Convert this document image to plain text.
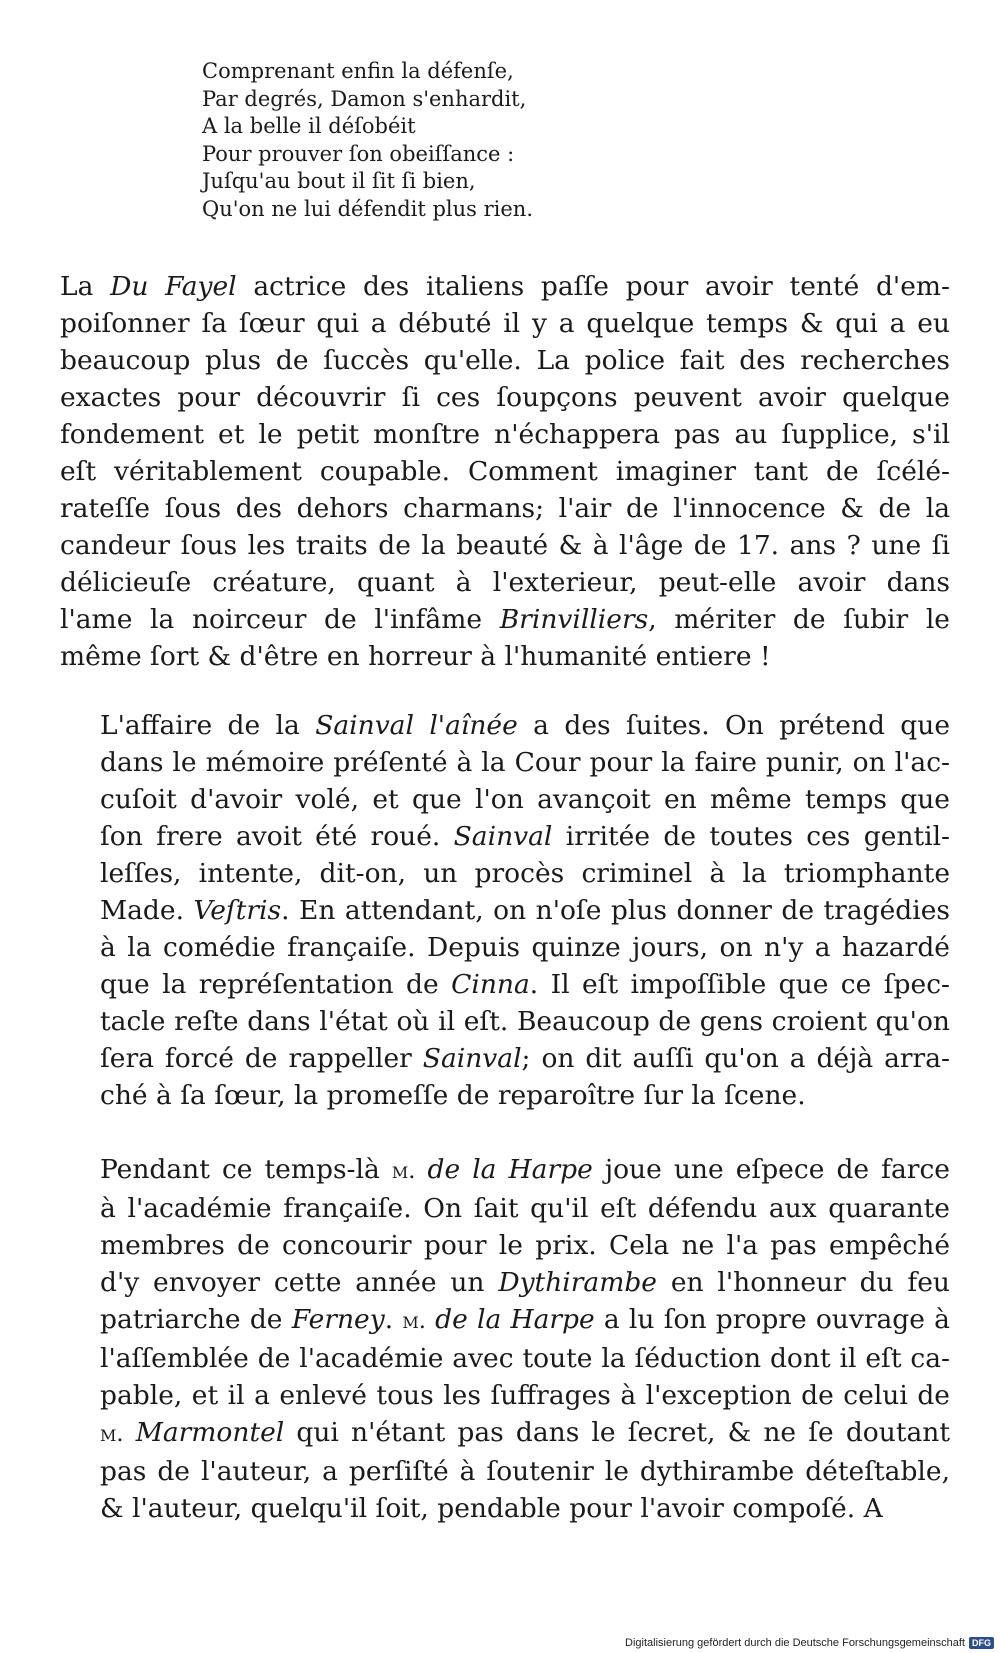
Comprenant enfin la défenſe,
Par degrés, Damon s'enhardit,
A la belle il déſobéit
Pour prouver ſon obeiſſance :
Juſqu'au bout il ſit ſi bien,
Qu'on ne lui défendit plus rien.
La Du Fayel actrice des italiens paſſe pour avoir tenté d'em-
poiſonner ſa ſœur qui a débuté il y a quelque temps & qui a eu
beaucoup plus de ſuccès qu'elle. La police fait des recherches
exactes pour découvrir ſi ces ſoupçons peuvent avoir quelque
fondement et le petit monſtre n'échappera pas au ſupplice, s'il
eſt véritablement coupable. Comment imaginer tant de ſcélé-
rateſſe ſous des dehors charmans; l'air de l'innocence & de la
candeur ſous les traits de la beauté & à l'âge de 17. ans ? une ſi
délicieuſe créature, quant à l'exterieur, peut-elle avoir dans
l'ame la noirceur de l'infâme Brinvilliers, mériter de ſubir le
même ſort & d'être en horreur à l'humanité entiere !
L'affaire de la Sainval l'aînée a des ſuites. On prétend que
dans le mémoire préſenté à la Cour pour la faire punir, on l'ac-
cuſoit d'avoir volé, et que l'on avançoit en même temps que
ſon frere avoit été roué. Sainval irritée de toutes ces gentil-
leſſes, intente, dit-on, un procès criminel à la triomphante
Made. Veſtris. En attendant, on n'oſe plus donner de tragédies
à la comédie françaiſe. Depuis quinze jours, on n'y a hazardé
que la repréſentation de Cinna. Il eſt impoſſible que ce ſpec-
tacle reſte dans l'état où il eſt. Beaucoup de gens croient qu'on
ſera forcé de rappeller Sainval; on dit auſſi qu'on a déjà arra-
ché à ſa ſœur, la promeſſe de reparoître ſur la ſcene.
Pendant ce temps-là m. de la Harpe joue une eſpece de farce
à l'académie françaiſe. On ſait qu'il eſt défendu aux quarante
membres de concourir pour le prix. Cela ne l'a pas empêché
d'y envoyer cette année un Dythirambe en l'honneur du feu
patriarche de Ferney. m. de la Harpe a lu ſon propre ouvrage à
l'aſſemblée de l'académie avec toute la ſéduction dont il eſt ca-
pable, et il a enlevé tous les ſuffrages à l'exception de celui de
m. Marmontel qui n'étant pas dans le ſecret, & ne ſe doutant
pas de l'auteur, a perſiſté à ſoutenir le dythirambe déteſtable,
& l'auteur, quelqu'il ſoit, pendable pour l'avoir compoſé. A
Digitalisierung gefördert durch die Deutsche Forschungsgemeinschaft DFG
